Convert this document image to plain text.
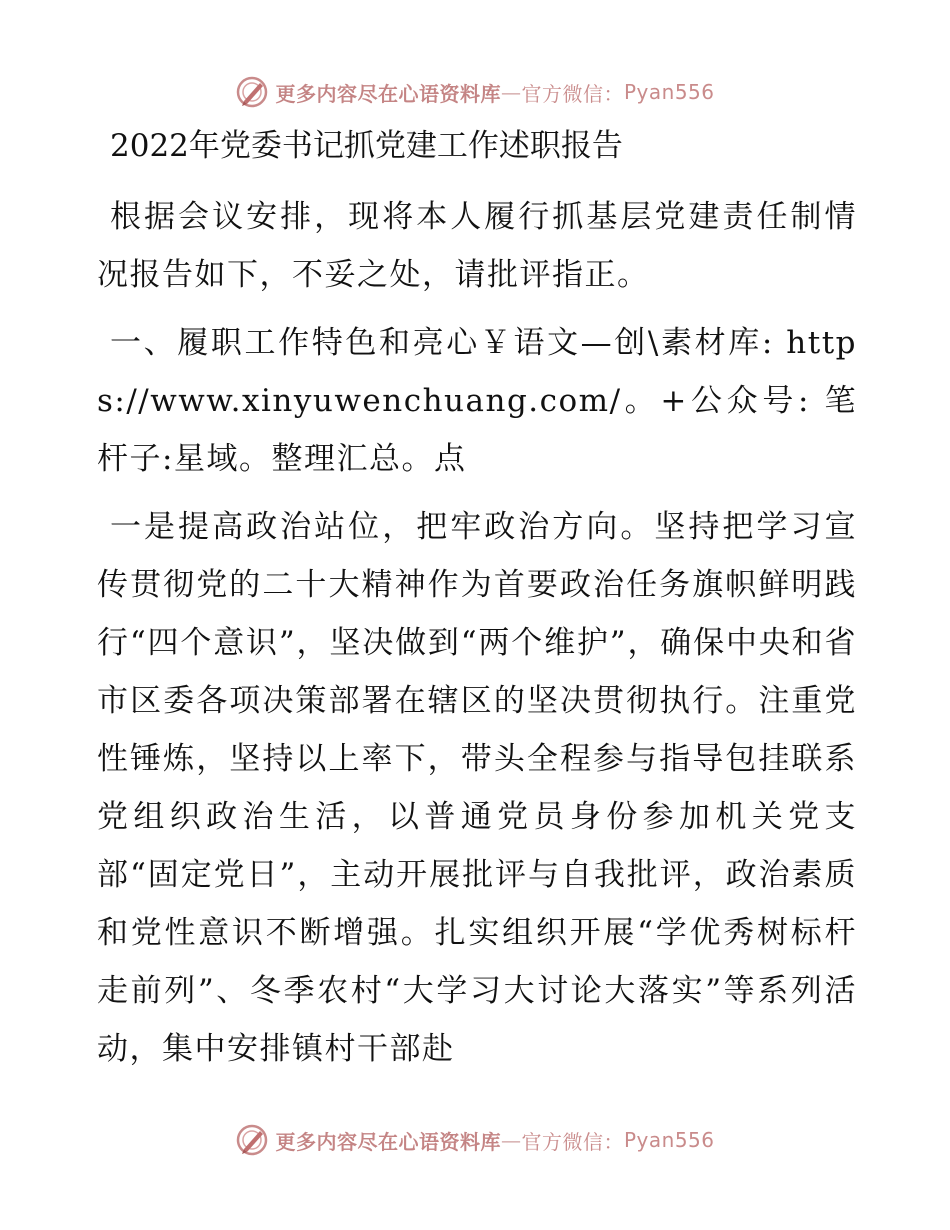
更多内容尽在心语资料库 — 官方微信： Pyan556
2022年党委书记抓党建工作述职报告

根据会议安排，现将本人履行抓基层党建责任制情况报告如下，不妥之处，请批评指正。

一、履职工作特色和亮心￥语文—创\素材库: https://www.xinyuwenchuang.com/。+公众号: 笔杆子:星域。整理汇总。点

一是提高政治站位，把牢政治方向。坚持把学习宣传贯彻党的二十大精神作为首要政治任务旗帜鲜明践行“四个意识”，坚决做到“两个维护”，确保中央和省市区委各项决策部署在辖区的坚决贯彻执行。注重党性锤炼，坚持以上率下，带头全程参与指导包挂联系党组织政治生活，以普通党员身份参加机关党支部“固定党日”，主动开展批评与自我批评，政治素质和党性意识不断增强。扎实组织开展“学优秀树标杆走前列”、冬季农村“大学习大讨论大落实”等系列活动，集中安排镇村干部赴

更多内容尽在心语资料库 — 官方微信： Pyan556
